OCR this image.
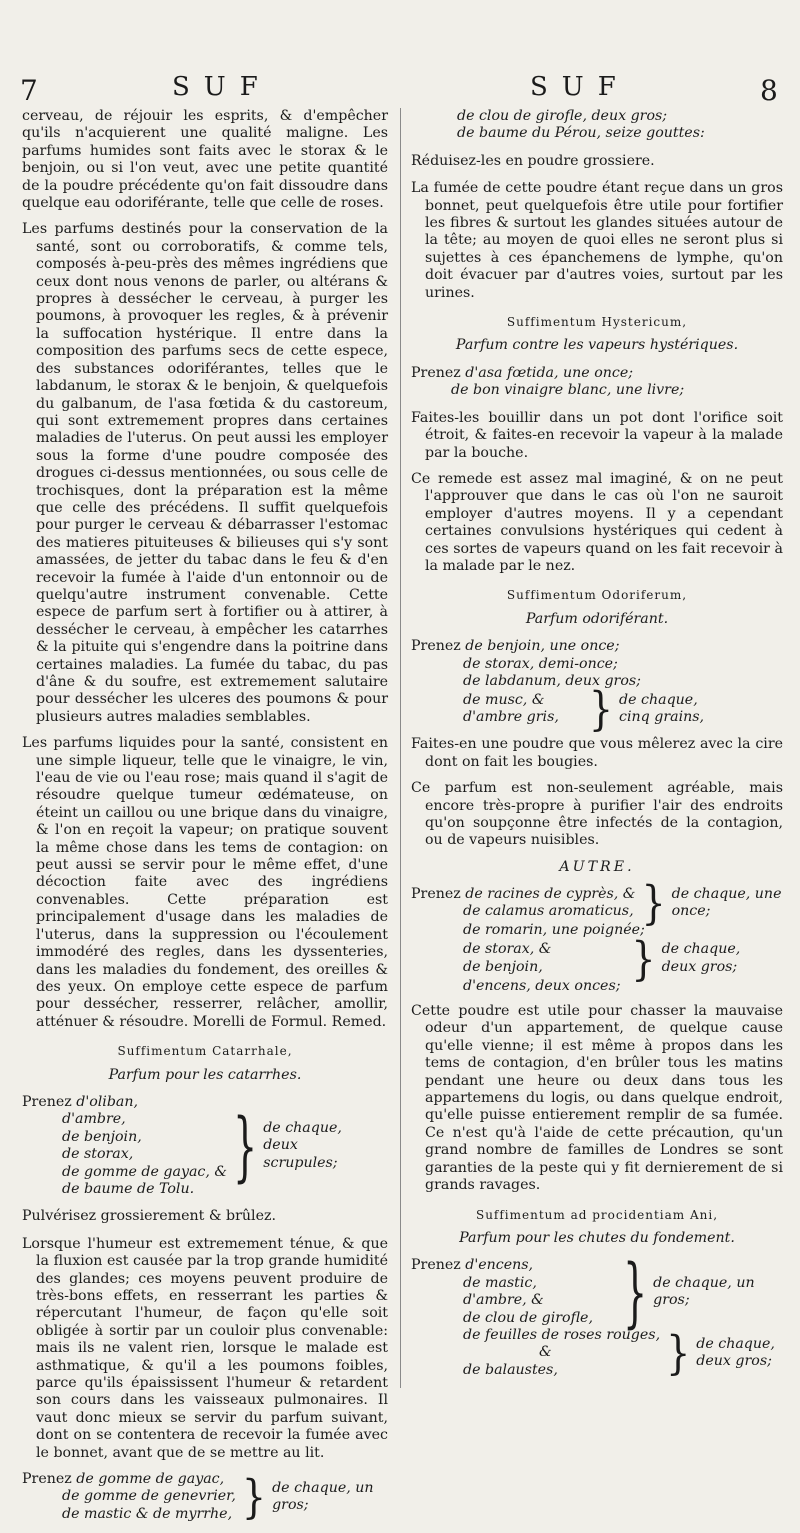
7	SUF	SUF	8

cerveau, de réjouir les esprits, & d'empêcher qu'ils n'acquierent une qualité maligne. Les parfums humides sont faits avec le storax & le benjoin, ou si l'on veut, avec une petite quantité de la poudre précédente qu'on fait dissoudre dans quelque eau odoriférante, telle que celle de roses.

Les parfums destinés pour la conservation de la santé, sont ou corroboratifs, & comme tels, composés à-peu-près des mêmes ingrédiens que ceux dont nous venons de parler, ou altérans & propres à dessécher le cerveau, à purger les poumons, à provoquer les regles, & à prévenir la suffocation hystérique. Il entre dans la composition des parfums secs de cette espece, des substances odoriférantes, telles que le labdanum, le storax & le benjoin, & quelquefois du galbanum, de l'asa fœtida & du castoreum, qui sont extremement propres dans certaines maladies de l'uterus. On peut aussi les employer sous la forme d'une poudre composée des drogues ci-dessus mentionnées, ou sous celle de trochisques, dont la préparation est la même que celle des précédens. Il suffit quelquefois pour purger le cerveau & débarrasser l'estomac des matieres pituiteuses & bilieuses qui s'y sont amassées, de jetter du tabac dans le feu & d'en recevoir la fumée à l'aide d'un entonnoir ou de quelqu'autre instrument convenable. Cette espece de parfum sert à fortifier ou à attirer, à dessécher le cerveau, à empêcher les catarrhes & la pituite qui s'engendre dans la poitrine dans certaines maladies. La fumée du tabac, du pas d'âne & du soufre, est extremement salutaire pour dessécher les ulceres des poumons & pour plusieurs autres maladies semblables.

Les parfums liquides pour la santé, consistent en une simple liqueur, telle que le vinaigre, le vin, l'eau de vie ou l'eau rose; mais quand il s'agit de résoudre quelque tumeur œdémateuse, on éteint un caillou ou une brique dans du vinaigre, & l'on en reçoit la vapeur; on pratique souvent la même chose dans les tems de contagion: on peut aussi se servir pour le même effet, d'une décoction faite avec des ingrédiens convenables. Cette préparation est principalement d'usage dans les maladies de l'uterus, dans la suppression ou l'écoulement immodéré des regles, dans les dyssenteries, dans les maladies du fondement, des oreilles & des yeux. On employe cette espece de parfum pour dessécher, resserrer, relâcher, amollir, atténuer & résoudre. Morelli de Formul. Remed.

Suffimentum Catarrhale,
Parfum pour les catarrhes.
Prenez d'oliban,
d'ambre,
de benjoin,
de storax,
de gomme de gayac, &
de baume de Tolu.	} de chaque, deux scrupules;

Pulvérisez grossierement & brûlez.

Lorsque l'humeur est extremement ténue, & que la fluxion est causée par la trop grande humidité des glandes; ces moyens peuvent produire de très-bons effets, en resserrant les parties & répercutant l'humeur, de façon qu'elle soit obligée à sortir par un couloir plus convenable: mais ils ne valent rien, lorsque le malade est asthmatique, & qu'il a les poumons foibles, parce qu'ils épaississent l'humeur & retardent son cours dans les vaisseaux pulmonaires. Il vaut donc mieux se servir du parfum suivant, dont on se contentera de recevoir la fumée avec le bonnet, avant que de se mettre au lit.

Prenez de gomme de gayac,
de gomme de genevrier,
de mastic & de myrrhe, } de chaque, un gros;
de clou de girofle, deux gros;
de baume du Pérou, seize gouttes:

Réduisez-les en poudre grossiere.

La fumée de cette poudre étant reçue dans un gros bonnet, peut quelquefois être utile pour fortifier les fibres & surtout les glandes situées autour de la tête; au moyen de quoi elles ne seront plus si sujettes à ces épanchemens de lymphe, qu'on doit évacuer par d'autres voies, surtout par les urines.

Suffimentum Hystericum,
Parfum contre les vapeurs hystériques.
Prenez d'asa fœtida, une once;
de bon vinaigre blanc, une livre;

Faites-les bouillir dans un pot dont l'orifice soit étroit, & faites-en recevoir la vapeur à la malade par la bouche.

Ce remede est assez mal imaginé, & on ne peut l'approuver que dans le cas où l'on ne sauroit employer d'autres moyens. Il y a cependant certaines convulsions hystériques qui cedent à ces sortes de vapeurs quand on les fait recevoir à la malade par le nez.

Suffimentum Odoriferum,
Parfum odoriférant.
Prenez de benjoin, une once;
de storax, demi-once;
de labdanum, deux gros;
de musc, &
d'ambre gris, } de chaque, cinq grains,

Faites-en une poudre que vous mêlerez avec la cire dont on fait les bougies.

Ce parfum est non-seulement agréable, mais encore très-propre à purifier l'air des endroits qu'on soupçonne être infectés de la contagion, ou de vapeurs nuisibles.

AUTRE.
Prenez de racines de cyprès, &
de calamus aromaticus, } de chaque, une once;
de romarin, une poignée;
de storax, &
de benjoin, } de chaque, deux gros;
d'encens, deux onces;

Cette poudre est utile pour chasser la mauvaise odeur d'un appartement, de quelque cause qu'elle vienne; il est même à propos dans les tems de contagion, d'en brûler tous les matins pendant une heure ou deux dans tous les appartemens du logis, ou dans quelque endroit, qu'elle puisse entierement remplir de sa fumée. Ce n'est qu'à l'aide de cette précaution, qu'un grand nombre de familles de Londres se sont garanties de la peste qui y fit dernierement de si grands ravages.

Suffimentum ad procidentiam Ani,
Parfum pour les chutes du fondement.
Prenez d'encens,
de mastic,
d'ambre, &
de clou de girofle, } de chaque, un gros;
de feuilles de roses rouges,
&
de balaustes,	} de chaque, deux gros;
